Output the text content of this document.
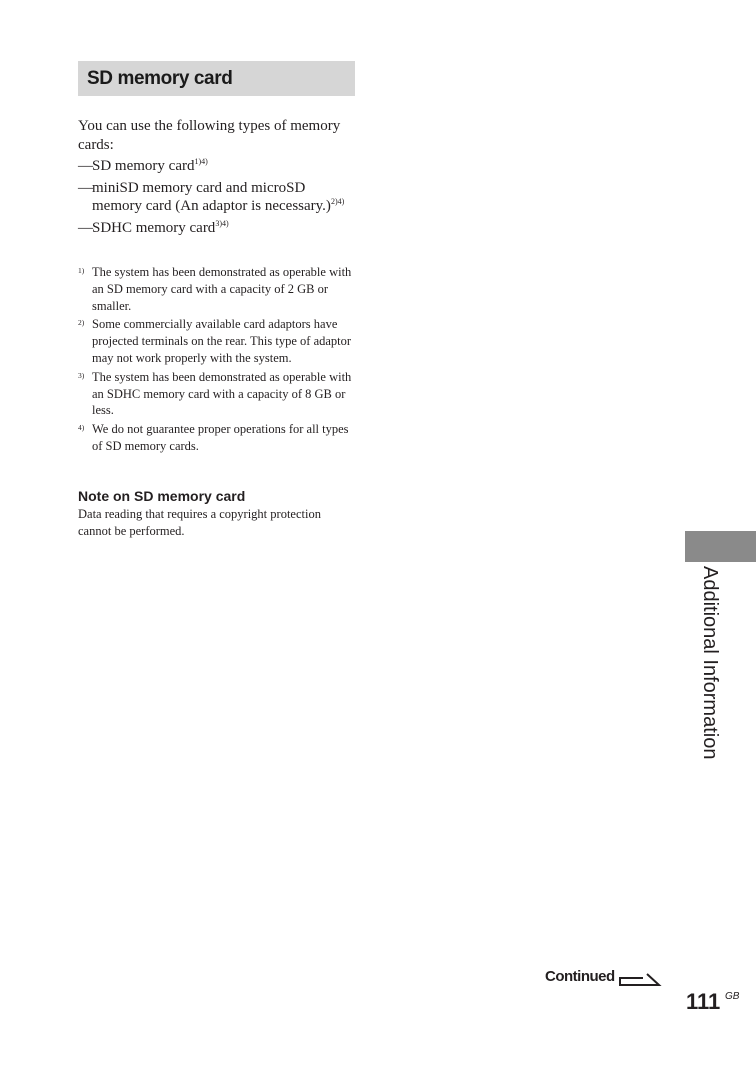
SD memory card
You can use the following types of memory cards:
— SD memory card$^{1)4)}$
— miniSD memory card and microSD memory card (An adaptor is necessary.)$^{2)4)}$
— SDHC memory card$^{3)4)}$
1) The system has been demonstrated as operable with an SD memory card with a capacity of 2 GB or smaller.
2) Some commercially available card adaptors have projected terminals on the rear. This type of adaptor may not work properly with the system.
3) The system has been demonstrated as operable with an SDHC memory card with a capacity of 8 GB or less.
4) We do not guarantee proper operations for all types of SD memory cards.
Note on SD memory card
Data reading that requires a copyright protection cannot be performed.
Additional Information
Continued
111 GB
